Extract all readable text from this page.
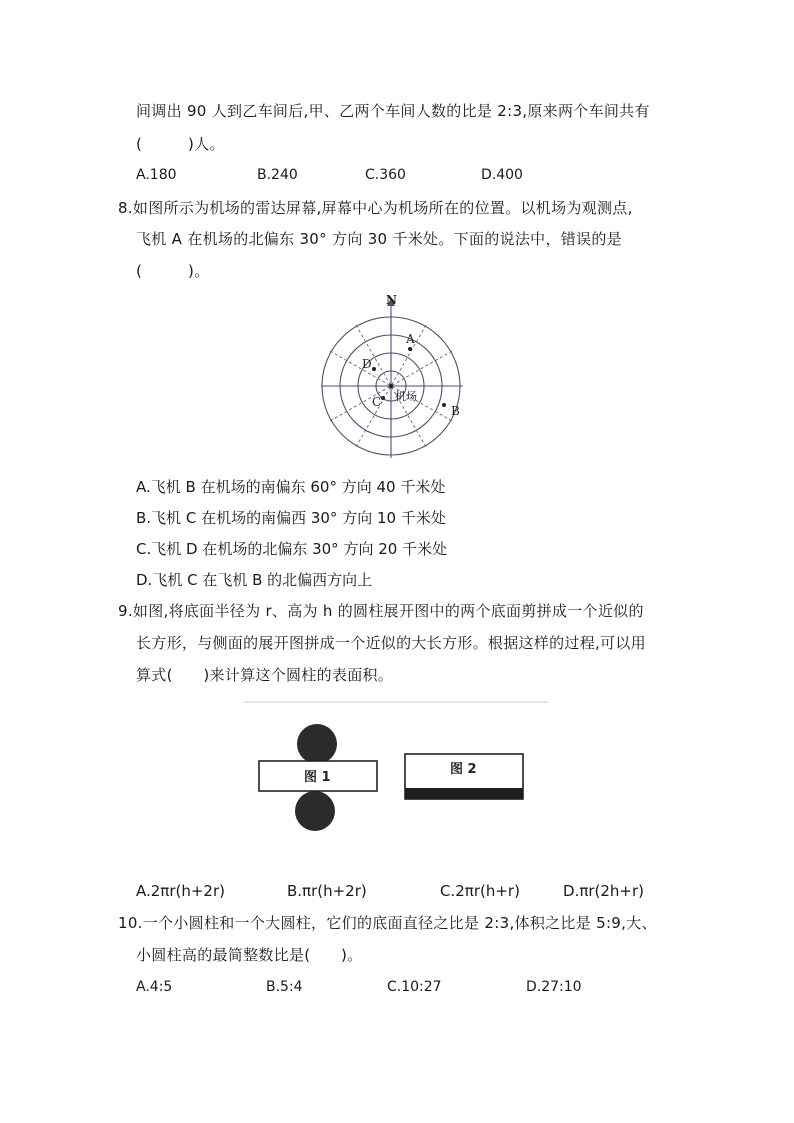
间调出 90 人到乙车间后,甲、乙两个车间人数的比是 2:3,原来两个车间共有
(　　　)人。
A.180	B.240	C.360	D.400
8.如图所示为机场的雷达屏幕,屏幕中心为机场所在的位置。以机场为观测点,
飞机 A 在机场的北偏东 30° 方向 30 千米处。下面的说法中，错误的是
(　　　)。
N
A
B
C
D
机场
A.飞机 B 在机场的南偏东 60° 方向 40 千米处
B.飞机 C 在机场的南偏西 30° 方向 10 千米处
C.飞机 D 在机场的北偏东 30° 方向 20 千米处
D.飞机 C 在飞机 B 的北偏西方向上
9.如图,将底面半径为 r、高为 h 的圆柱展开图中的两个底面剪拼成一个近似的
长方形，与侧面的展开图拼成一个近似的大长方形。根据这样的过程,可以用
算式(　　)来计算这个圆柱的表面积。
图 1
图 2
A.2πr(h+2r)	B.πr(h+2r)	C.2πr(h+r)	D.πr(2h+r)
10.一个小圆柱和一个大圆柱，它们的底面直径之比是 2:3,体积之比是 5:9,大、
小圆柱高的最简整数比是(　　)。
A.4:5	B.5:4	C.10:27	D.27:10
